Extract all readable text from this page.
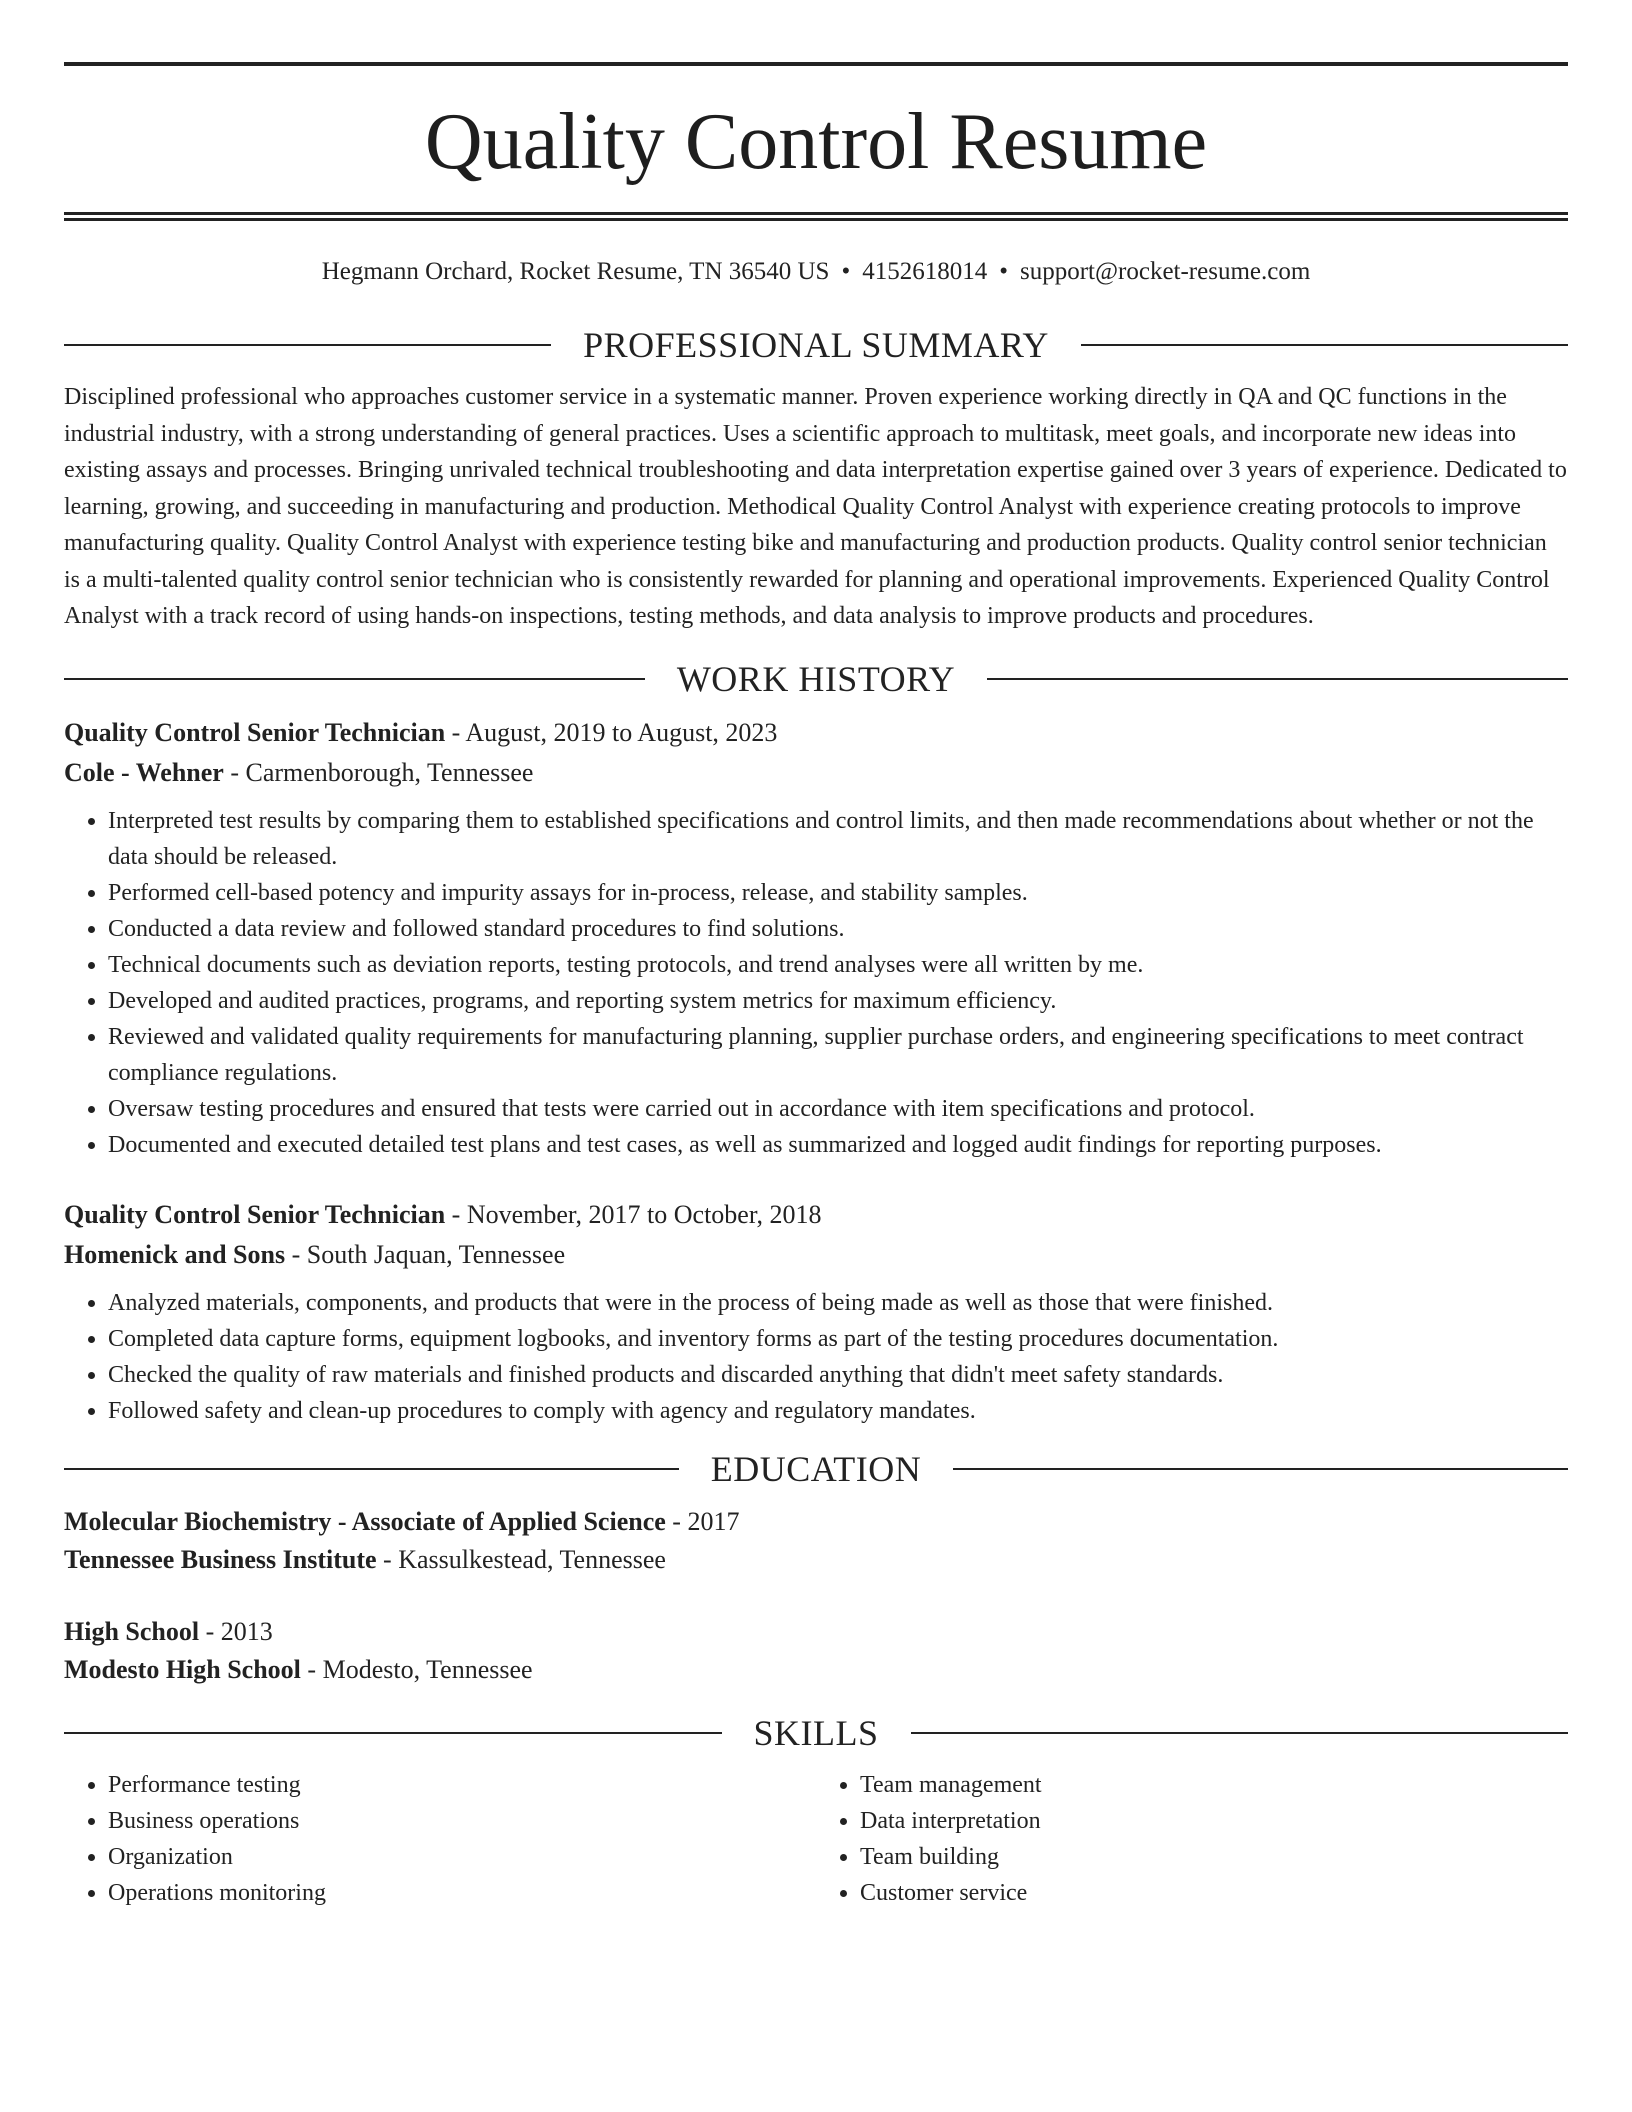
Quality Control Resume
Hegmann Orchard, Rocket Resume, TN 36540 US • 4152618014 • support@rocket-resume.com
PROFESSIONAL SUMMARY

Disciplined professional who approaches customer service in a systematic manner. Proven experience working directly in QA and QC functions in the industrial industry, with a strong understanding of general practices. Uses a scientific approach to multitask, meet goals, and incorporate new ideas into existing assays and processes. Bringing unrivaled technical troubleshooting and data interpretation expertise gained over 3 years of experience. Dedicated to learning, growing, and succeeding in manufacturing and production. Methodical Quality Control Analyst with experience creating protocols to improve manufacturing quality. Quality Control Analyst with experience testing bike and manufacturing and production products. Quality control senior technician is a multi-talented quality control senior technician who is consistently rewarded for planning and operational improvements. Experienced Quality Control Analyst with a track record of using hands-on inspections, testing methods, and data analysis to improve products and procedures.

WORK HISTORY

Quality Control Senior Technician - August, 2019 to August, 2023

Cole - Wehner - Carmenborough, Tennessee

• Interpreted test results by comparing them to established specifications and control limits, and then made recommendations about whether or not the data should be released.
• Performed cell-based potency and impurity assays for in-process, release, and stability samples.
• Conducted a data review and followed standard procedures to find solutions.
• Technical documents such as deviation reports, testing protocols, and trend analyses were all written by me.
• Developed and audited practices, programs, and reporting system metrics for maximum efficiency.
• Reviewed and validated quality requirements for manufacturing planning, supplier purchase orders, and engineering specifications to meet contract compliance regulations.
• Oversaw testing procedures and ensured that tests were carried out in accordance with item specifications and protocol.
• Documented and executed detailed test plans and test cases, as well as summarized and logged audit findings for reporting purposes.

Quality Control Senior Technician - November, 2017 to October, 2018

Homenick and Sons - South Jaquan, Tennessee

• Analyzed materials, components, and products that were in the process of being made as well as those that were finished.
• Completed data capture forms, equipment logbooks, and inventory forms as part of the testing procedures documentation.
• Checked the quality of raw materials and finished products and discarded anything that didn't meet safety standards.
• Followed safety and clean-up procedures to comply with agency and regulatory mandates.
EDUCATION

Molecular Biochemistry - Associate of Applied Science - 2017

Tennessee Business Institute - Kassulkestead, Tennessee

High School - 2013

Modesto High School - Modesto, Tennessee

SKILLS
• Performance testing
• Business operations
• Organization
• Operations monitoring
• Team management
• Data interpretation
• Team building
• Customer service
